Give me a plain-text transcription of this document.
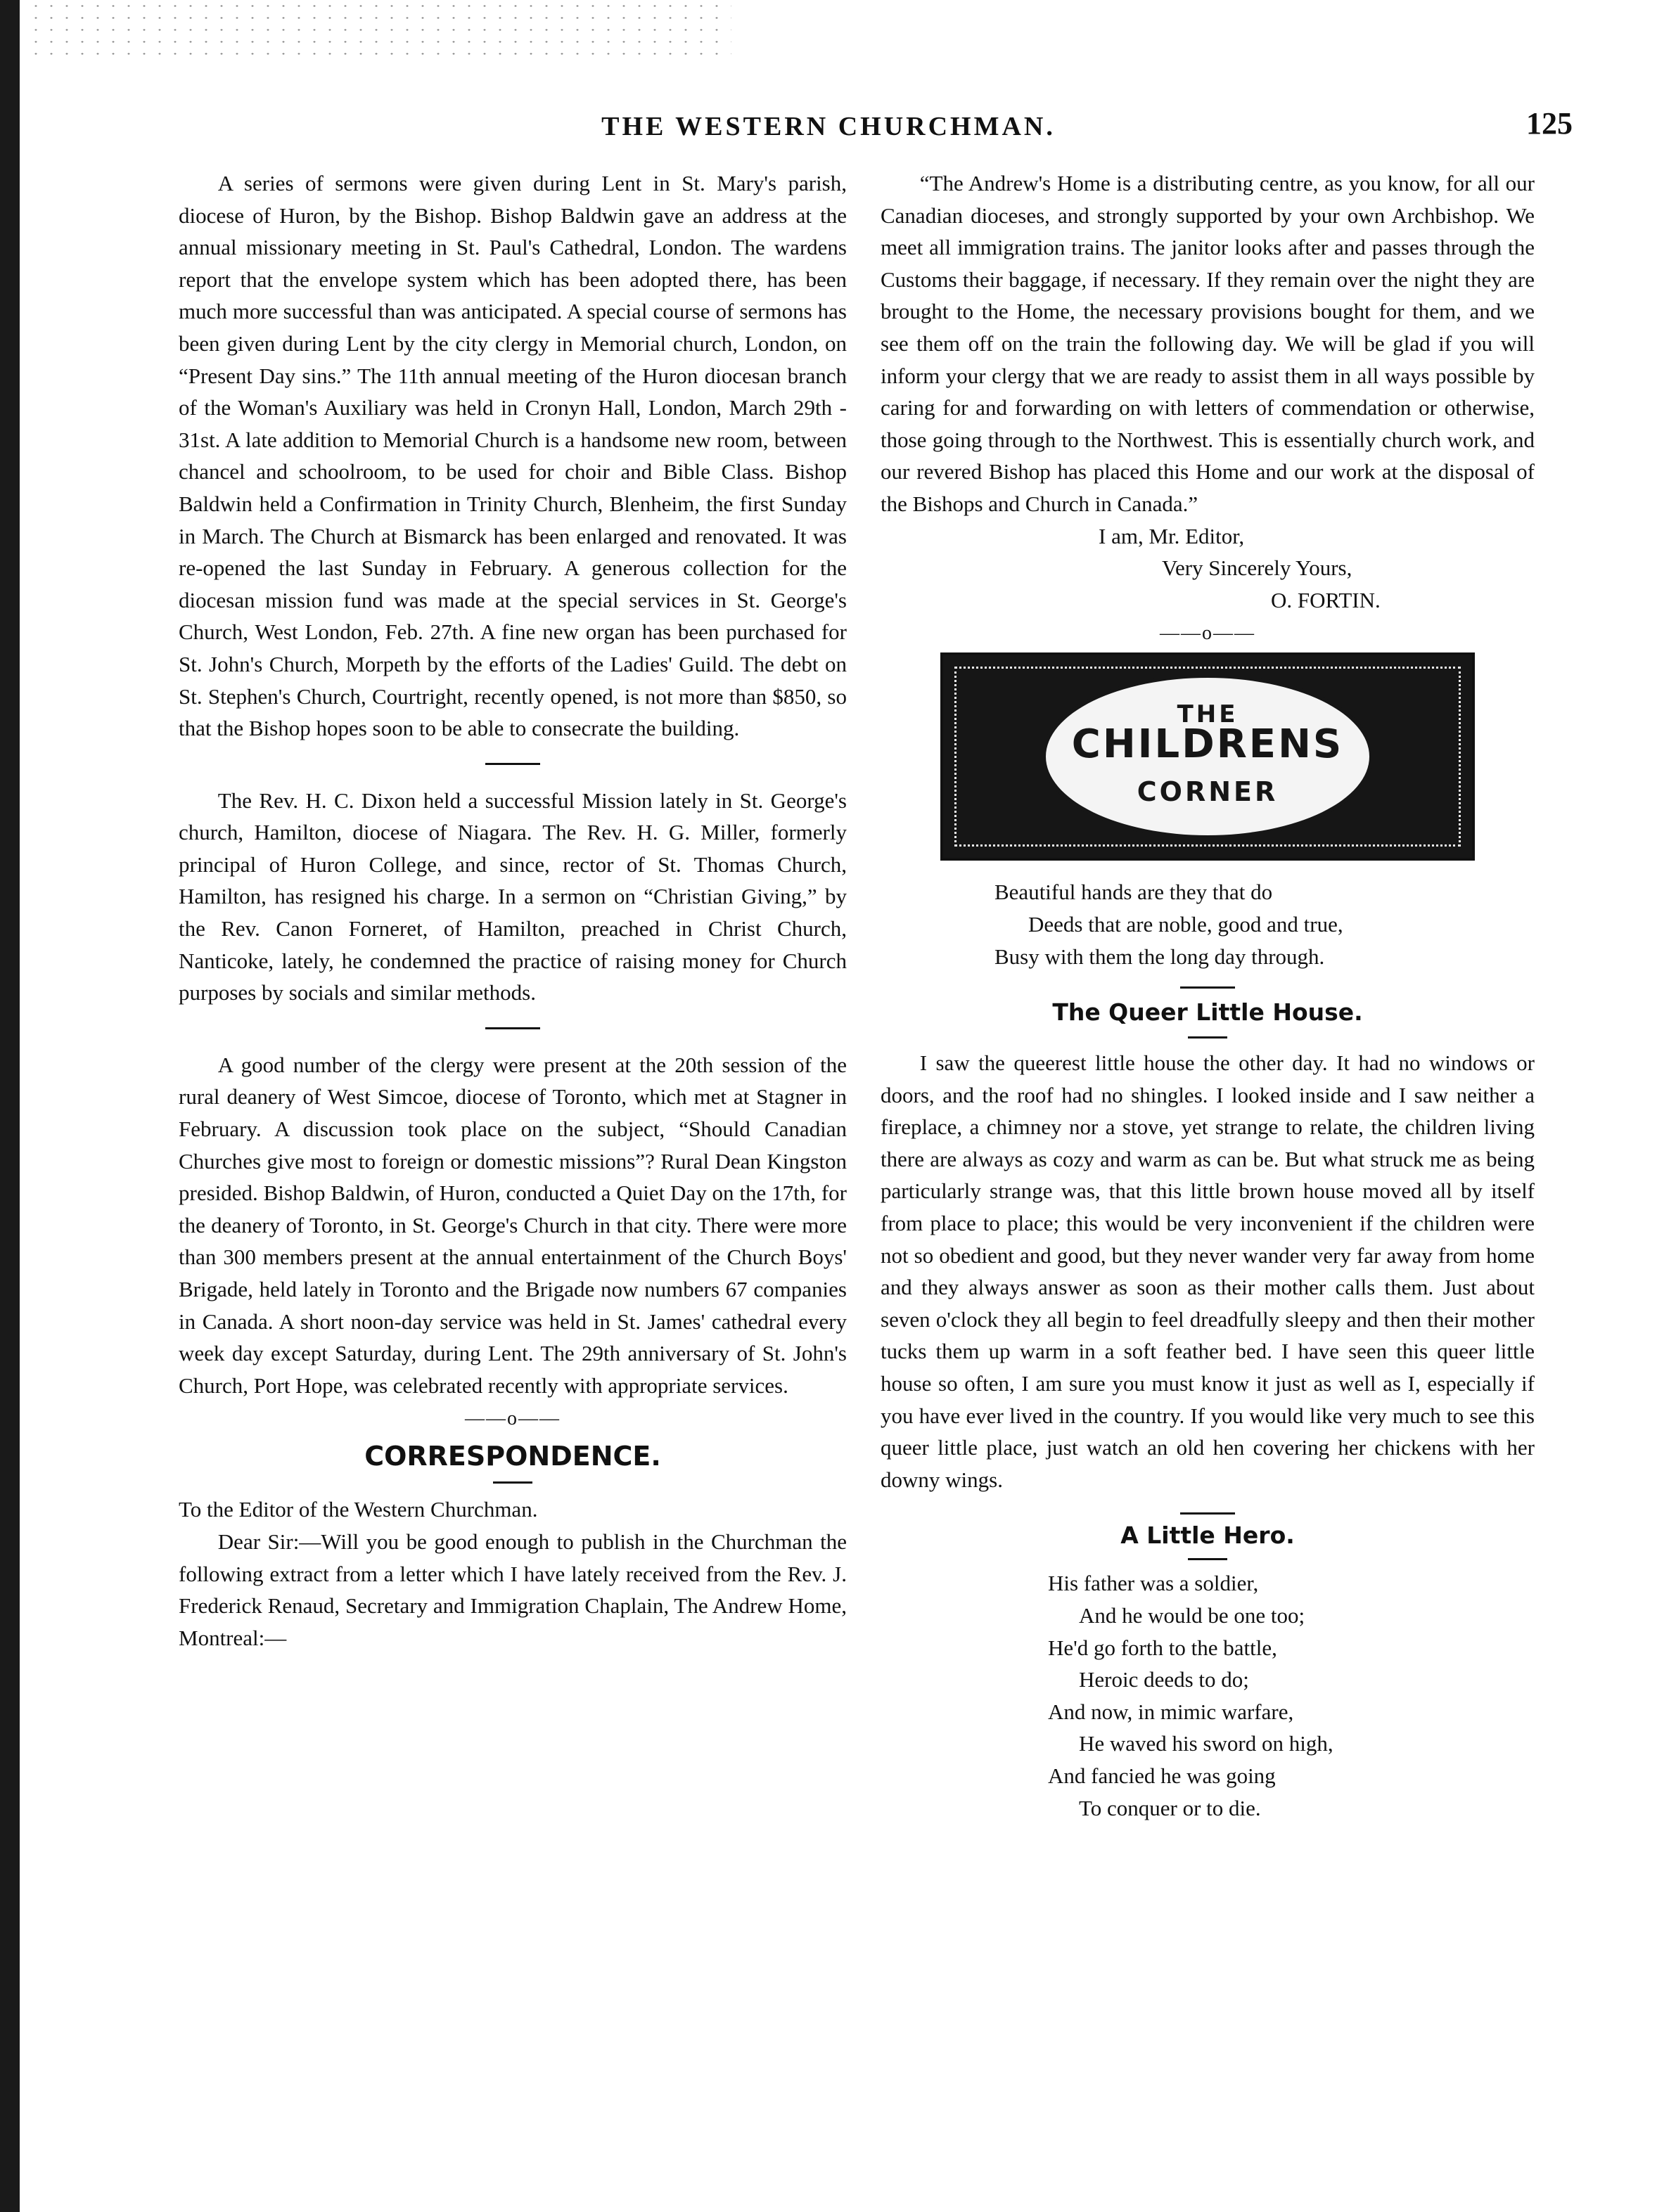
THE WESTERN CHURCHMAN.	125

A series of sermons were given during Lent in St. Mary's parish, diocese of Huron, by the Bishop. Bishop Baldwin gave an address at the annual missionary meeting in St. Paul's Cathedral, London. The wardens report that the envelope system which has been adopted there, has been much more successful than was anticipated. A special course of sermons has been given during Lent by the city clergy in Memorial church, London, on “Present Day sins.” The 11th annual meeting of the Huron diocesan branch of the Woman's Auxiliary was held in Cronyn Hall, London, March 29th - 31st. A late addition to Memorial Church is a handsome new room, between chancel and schoolroom, to be used for choir and Bible Class. Bishop Baldwin held a Confirmation in Trinity Church, Blenheim, the first Sunday in March. The Church at Bismarck has been enlarged and renovated. It was re-opened the last Sunday in February. A generous collection for the diocesan mission fund was made at the special services in St. George's Church, West London, Feb. 27th. A fine new organ has been purchased for St. John's Church, Morpeth by the efforts of the Ladies' Guild. The debt on St. Stephen's Church, Courtright, recently opened, is not more than $850, so that the Bishop hopes soon to be able to consecrate the building.

The Rev. H. C. Dixon held a successful Mission lately in St. George's church, Hamilton, diocese of Niagara. The Rev. H. G. Miller, formerly principal of Huron College, and since, rector of St. Thomas Church, Hamilton, has resigned his charge. In a sermon on “Christian Giving,” by the Rev. Canon Forneret, of Hamilton, preached in Christ Church, Nanticoke, lately, he condemned the practice of raising money for Church purposes by socials and similar methods.

A good number of the clergy were present at the 20th session of the rural deanery of West Simcoe, diocese of Toronto, which met at Stagner in February. A discussion took place on the subject, “Should Canadian Churches give most to foreign or domestic missions”? Rural Dean Kingston presided. Bishop Baldwin, of Huron, conducted a Quiet Day on the 17th, for the deanery of Toronto, in St. George's Church in that city. There were more than 300 members present at the annual entertainment of the Church Boys' Brigade, held lately in Toronto and the Brigade now numbers 67 companies in Canada. A short noon-day service was held in St. James' cathedral every week day except Saturday, during Lent. The 29th anniversary of St. John's Church, Port Hope, was celebrated recently with appropriate services.

——o——
CORRESPONDENCE.

To the Editor of the Western Churchman.

Dear Sir:—Will you be good enough to publish in the Churchman the following extract from a letter which I have lately received from the Rev. J. Frederick Renaud, Secretary and Immigration Chaplain, The Andrew Home, Montreal:—

“The Andrew's Home is a distributing centre, as you know, for all our Canadian dioceses, and strongly supported by your own Archbishop. We meet all immigration trains. The janitor looks after and passes through the Customs their baggage, if necessary. If they remain over the night they are brought to the Home, the necessary provisions bought for them, and we see them off on the train the following day. We will be glad if you will inform your clergy that we are ready to assist them in all ways possible by caring for and forwarding on with letters of commendation or otherwise, those going through to the Northwest. This is essentially church work, and our revered Bishop has placed this Home and our work at the disposal of the Bishops and Church in Canada.”

I am, Mr. Editor,
Very Sincerely Yours,
O. FORTIN.
——o——
THE
CHILDRENS
CORNER

Beautiful hands are they that do

Deeds that are noble, good and true,

Busy with them the long day through.

The Queer Little House.

I saw the queerest little house the other day. It had no windows or doors, and the roof had no shingles. I looked inside and I saw neither a fireplace, a chimney nor a stove, yet strange to relate, the children living there are always as cozy and warm as can be. But what struck me as being particularly strange was, that this little brown house moved all by itself from place to place; this would be very inconvenient if the children were not so obedient and good, but they never wander very far away from home and they always answer as soon as their mother calls them. Just about seven o'clock they all begin to feel dreadfully sleepy and then their mother tucks them up warm in a soft feather bed. I have seen this queer little house so often, I am sure you must know it just as well as I, especially if you have ever lived in the country. If you would like very much to see this queer little place, just watch an old hen covering her chickens with her downy wings.

A Little Hero.

His father was a soldier,

And he would be one too;

He'd go forth to the battle,

Heroic deeds to do;

And now, in mimic warfare,

He waved his sword on high,

And fancied he was going

To conquer or to die.
